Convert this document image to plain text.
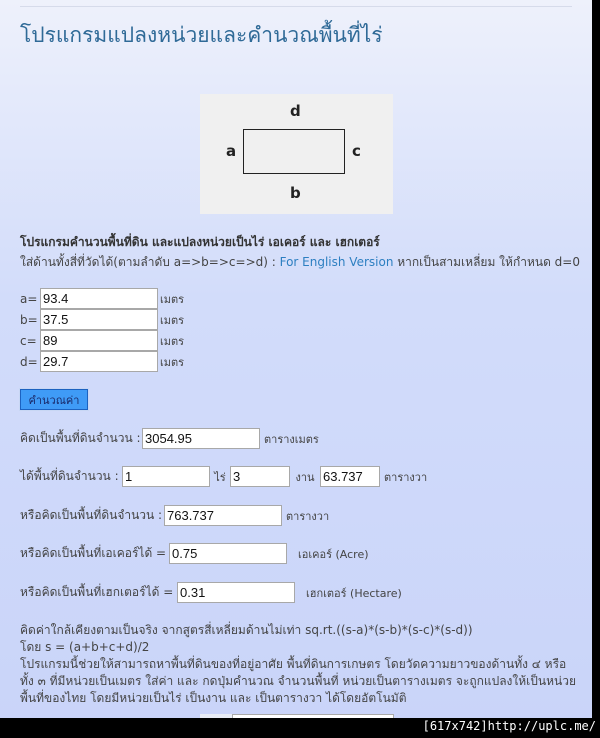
โปรแกรมแปลงหน่วยและคำนวณพื้นที่ไร่
d
a	c
b
โปรแกรมคำนวนพื้นที่ดิน และแปลงหน่วยเป็นไร่ เอเคอร์ และ เฮกเตอร์
ใส่ด้านทั้งสี่ที่วัดได้(ตามลำดับ a=>b=>c=>d) : For English Version หากเป็นสามเหลี่ยม ให้กำหนด d=0
a=
93.4	เมตร
b=
37.5	เมตร
c=
89	เมตร
d=
29.7	เมตร
คำนวณค่า
คิดเป็นพื้นที่ดินจำนวน :
3054.95	ตารางเมตร
ได้พื้นที่ดินจำนวน :
1	ไร่
3	งาน
63.737	ตารางวา
หรือคิดเป็นพื้นที่ดินจำนวน :
763.737	ตารางวา
หรือคิดเป็นพื้นที่เอเคอร์ได้ =
0.75	เอเคอร์ (Acre)
หรือคิดเป็นพื้นที่เฮกเตอร์ได้ =
0.31	เฮกเตอร์ (Hectare)

คิดค่าใกล้เคียงตามเป็นจริง จากสูตรสี่เหลี่ยมด้านไม่เท่า sq.rt.((s-a)*(s-b)*(s-c)*(s-d))

โดย s = (a+b+c+d)/2

โปรแกรมนี้ช่วยให้สามารถหาพื้นที่ดินของที่อยู่อาศัย พื้นที่ดินการเกษตร โดยวัดความยาวของด้านทั้ง ๔ หรือ

ทั้ง ๓ ที่มีหน่วยเป็นเมตร ใส่ค่า และ กดปุ่มคำนวณ จำนวนพื้นที่ หน่วยเป็นตารางเมตร จะถูกแปลงให้เป็นหน่วย

พื้นที่ของไทย โดยมีหน่วยเป็นไร่ เป็นงาน และ เป็นตารางวา ได้โดยอัตโนมัติ

[617x742]http://uplc.me/
